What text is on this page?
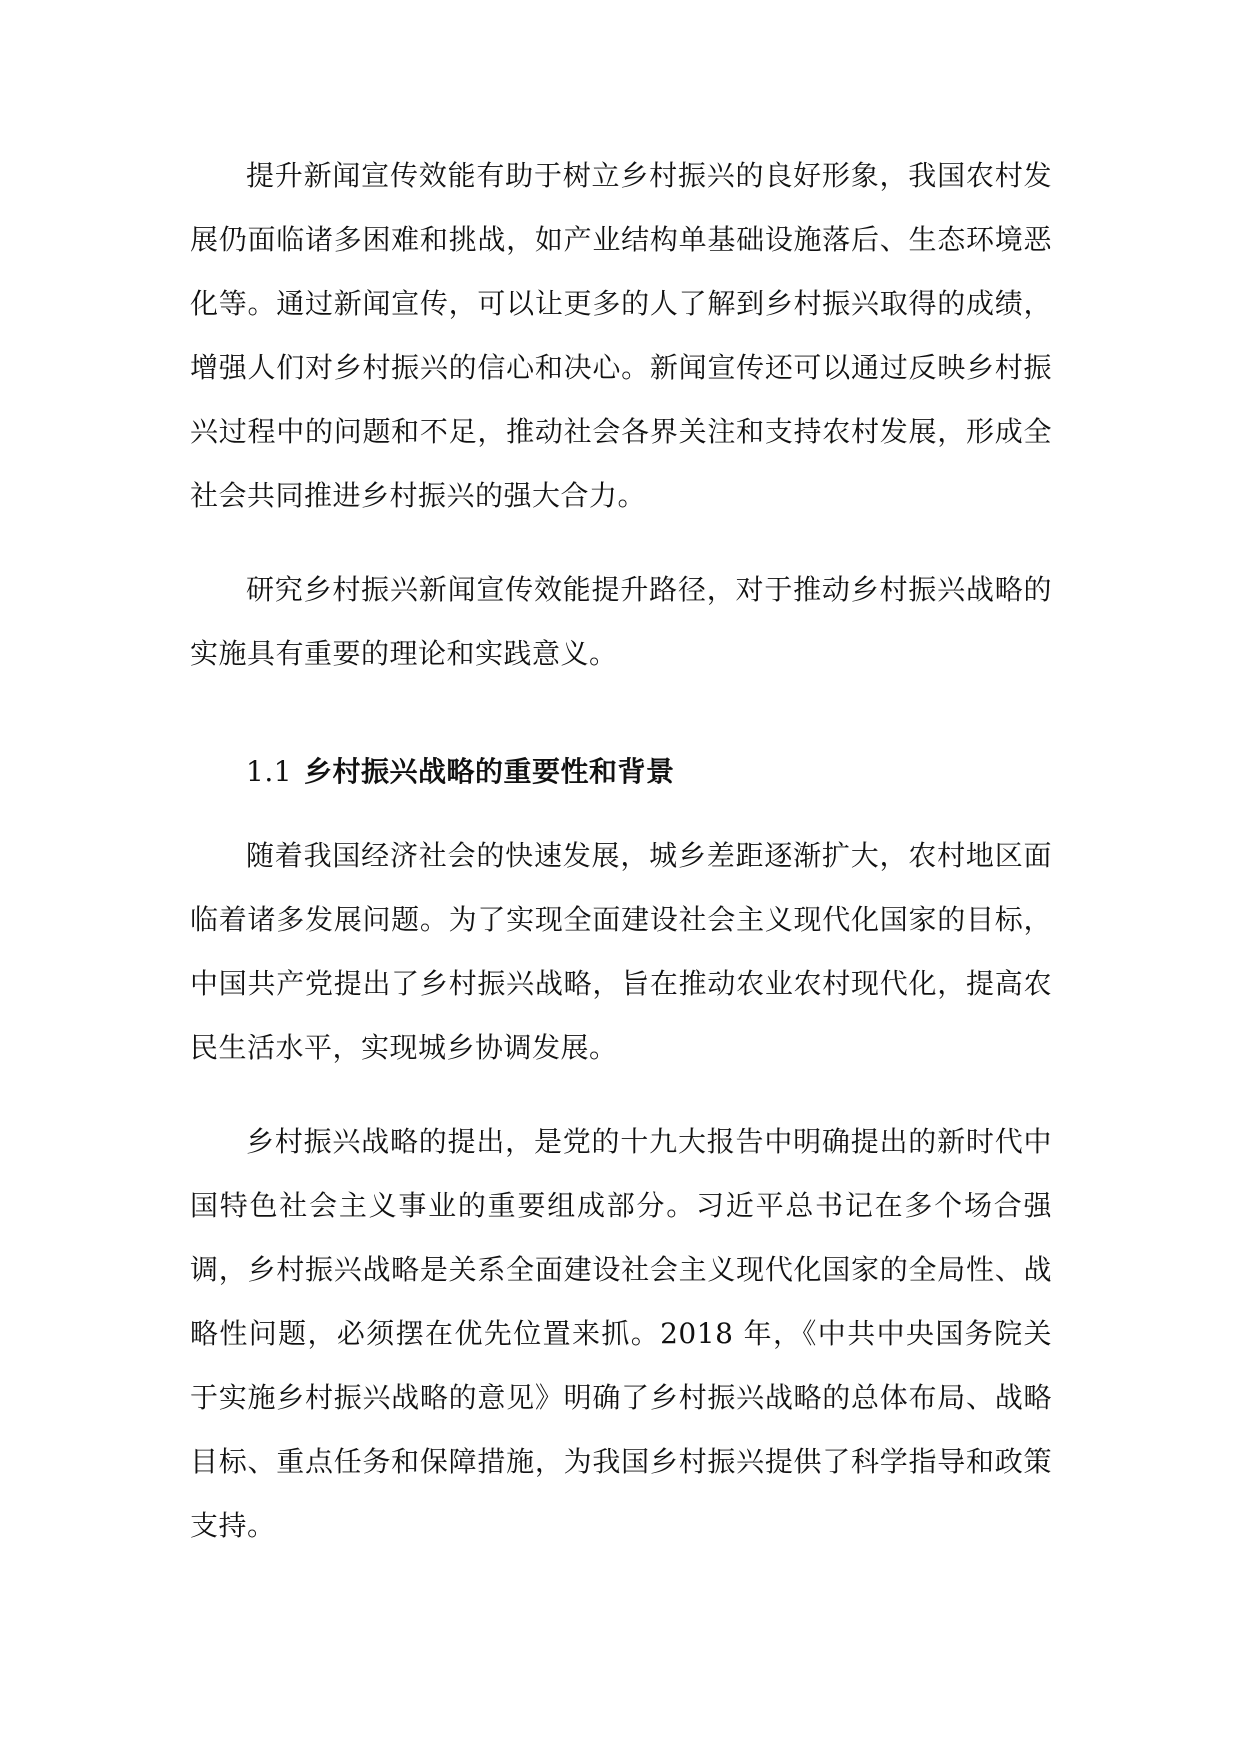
提升新闻宣传效能有助于树立乡村振兴的良好形象，我国农村发展仍面临诸多困难和挑战，如产业结构单基础设施落后、生态环境恶化等。通过新闻宣传，可以让更多的人了解到乡村振兴取得的成绩，增强人们对乡村振兴的信心和决心。新闻宣传还可以通过反映乡村振兴过程中的问题和不足，推动社会各界关注和支持农村发展，形成全社会共同推进乡村振兴的强大合力。

研究乡村振兴新闻宣传效能提升路径，对于推动乡村振兴战略的实施具有重要的理论和实践意义。

1.1 乡村振兴战略的重要性和背景

随着我国经济社会的快速发展，城乡差距逐渐扩大，农村地区面临着诸多发展问题。为了实现全面建设社会主义现代化国家的目标，中国共产党提出了乡村振兴战略，旨在推动农业农村现代化，提高农民生活水平，实现城乡协调发展。

乡村振兴战略的提出，是党的十九大报告中明确提出的新时代中国特色社会主义事业的重要组成部分。习近平总书记在多个场合强调，乡村振兴战略是关系全面建设社会主义现代化国家的全局性、战略性问题，必须摆在优先位置来抓。2018 年，《中共中央国务院关于实施乡村振兴战略的意见》明确了乡村振兴战略的总体布局、战略目标、重点任务和保障措施，为我国乡村振兴提供了科学指导和政策支持。
